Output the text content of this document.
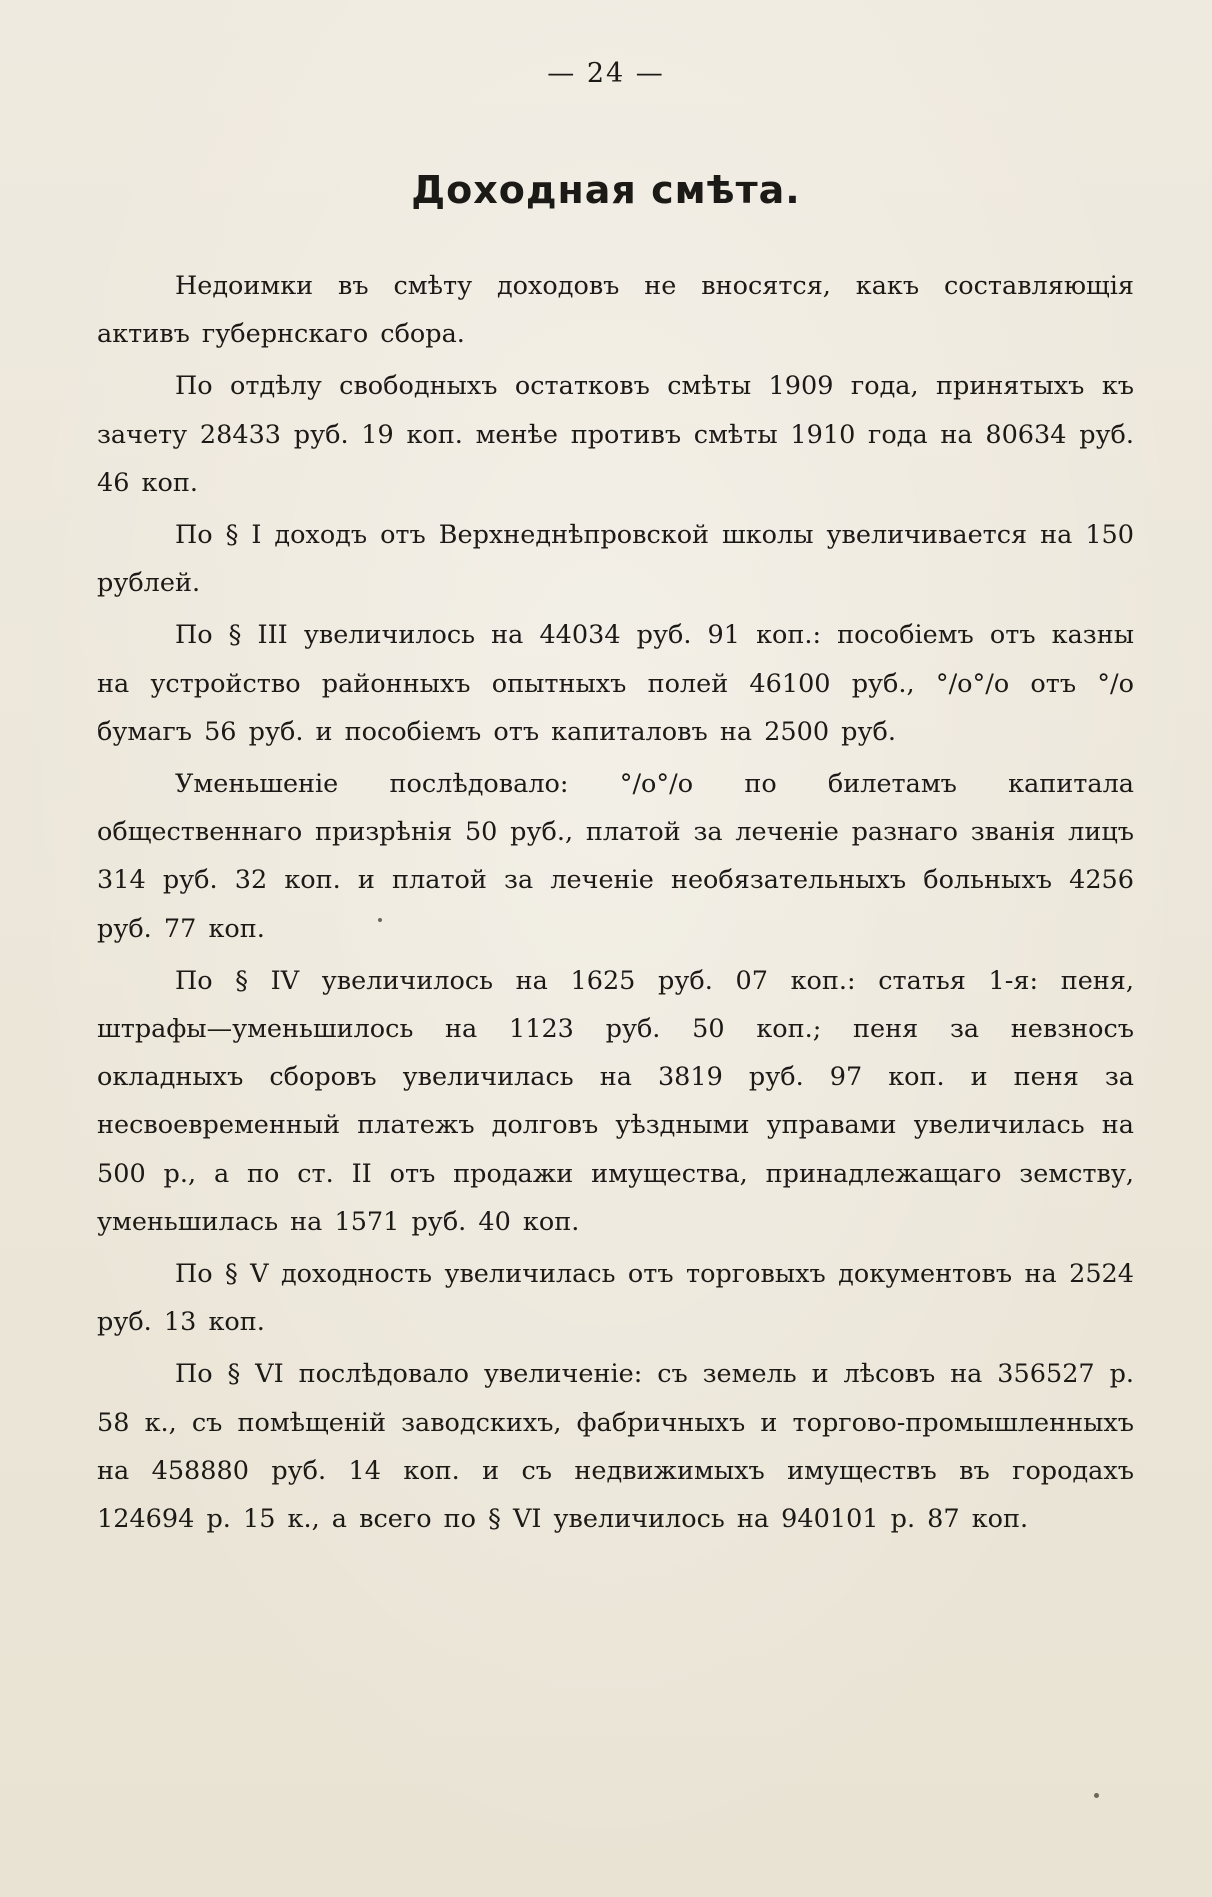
— 24 —
Доходная смѣта.

Недоимки въ смѣту доходовъ не вносятся, какъ составляющія активъ губернскаго сбора.

По отдѣлу свободныхъ остатковъ смѣты 1909 года, принятыхъ къ зачету 28433 руб. 19 коп. менѣе противъ смѣты 1910 года на 80634 руб. 46 коп.

По § I доходъ отъ Верхнеднѣпровской школы увеличивается на 150 рублей.

По § III увеличилось на 44034 руб. 91 коп.: пособіемъ отъ казны на устройство районныхъ опытныхъ полей 46100 руб., °/о°/о отъ °/о бумагъ 56 руб. и пособіемъ отъ капиталовъ на 2500 руб.

Уменьшеніе послѣдовало: °/о°/о по билетамъ капитала общественнаго призрѣнія 50 руб., платой за леченіе разнаго званія лицъ 314 руб. 32 коп. и платой за леченіе необязательныхъ больныхъ 4256 руб. 77 коп.

По § IV увеличилось на 1625 руб. 07 коп.: статья 1-я: пеня, штрафы—уменьшилось на 1123 руб. 50 коп.; пеня за невзносъ окладныхъ сборовъ увеличилась на 3819 руб. 97 коп. и пеня за несвоевременный платежъ долговъ уѣздными управами увеличилась на 500 р., а по ст. II отъ продажи имущества, принадлежащаго земству, уменьшилась на 1571 руб. 40 коп.

По § V доходность увеличилась отъ торговыхъ документовъ на 2524 руб. 13 коп.

По § VI послѣдовало увеличеніе: съ земель и лѣсовъ на 356527 р. 58 к., съ помѣщеній заводскихъ, фабричныхъ и торгово-промышленныхъ на 458880 руб. 14 коп. и съ недвижимыхъ имуществъ въ городахъ 124694 р. 15 к., а всего по § VI увеличилось на 940101 р. 87 коп.
